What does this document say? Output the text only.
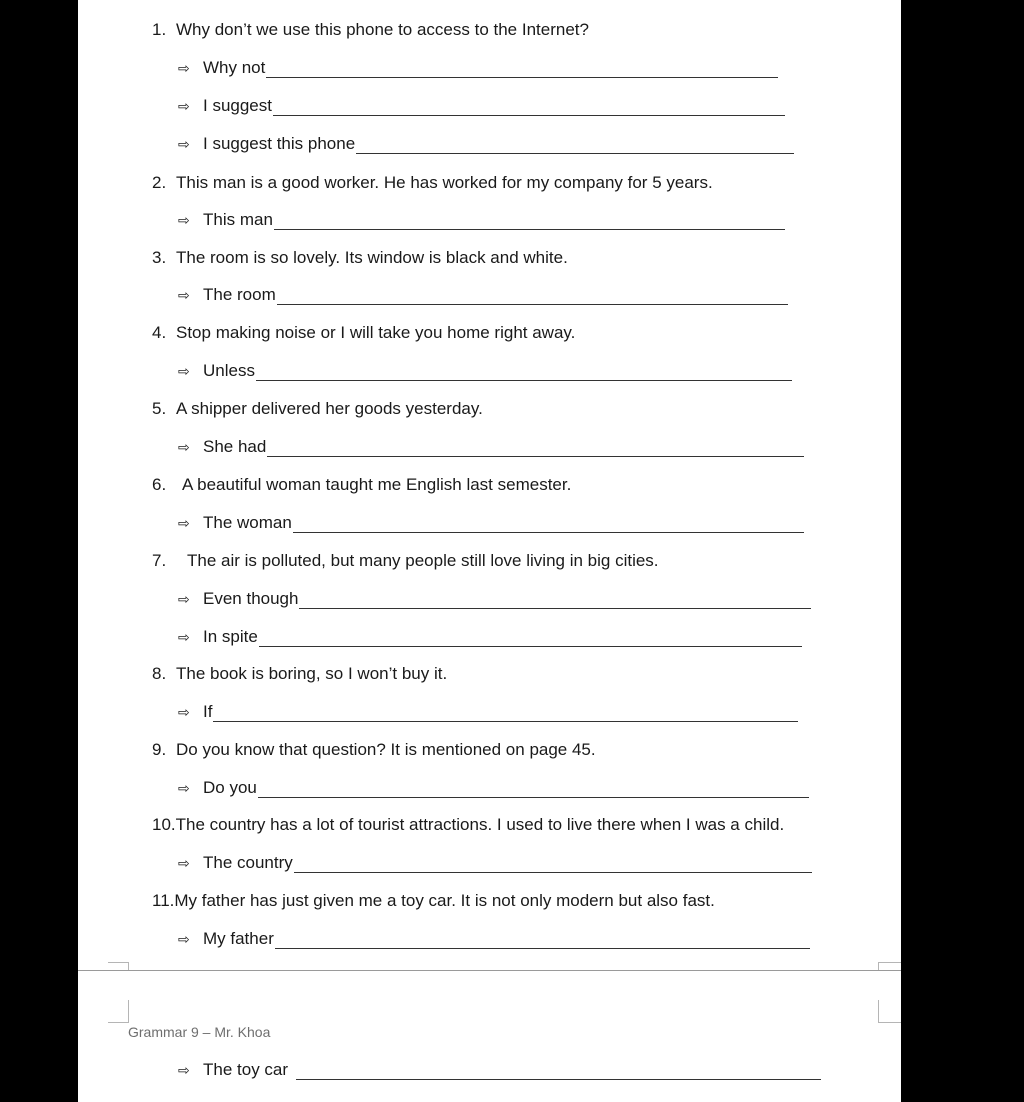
1. Why don’t we use this phone to access to the Internet?
⇨ Why not
⇨ I suggest
⇨ I suggest this phone
2. This man is a good worker. He has worked for my company for 5 years.
⇨ This man
3. The room is so lovely. Its window is black and white.
⇨ The room
4. Stop making noise or I will take you home right away.
⇨ Unless
5. A shipper delivered her goods yesterday.
⇨ She had
6. A beautiful woman taught me English last semester.
⇨ The woman
7. The air is polluted, but many people still love living in big cities.
⇨ Even though
⇨ In spite
8. The book is boring, so I won’t buy it.
⇨ If
9. Do you know that question? It is mentioned on page 45.
⇨ Do you
10.The country has a lot of tourist attractions. I used to live there when I was a child.
⇨ The country
11.My father has just given me a toy car. It is not only modern but also fast.
⇨ My father
Grammar 9 – Mr. Khoa
⇨ The toy car
